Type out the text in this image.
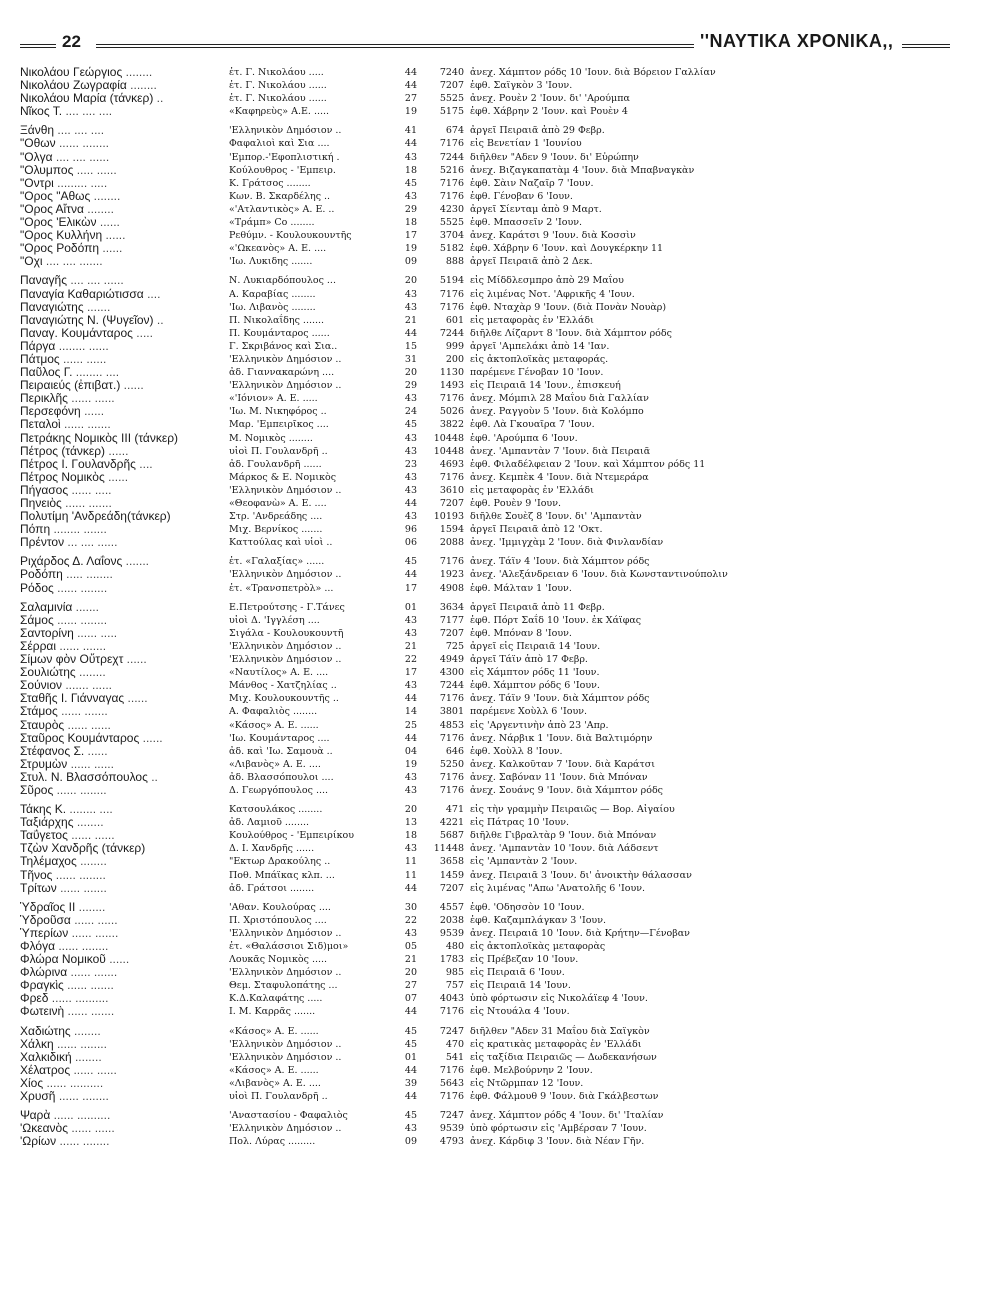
22	''ΝΑΥΤΙΚΑ ΧΡΟΝΙΚΑ,,
Νικολάου Γεώργιος ........	ἐτ. Γ. Νικολάου .....	44	7240 ἀνεχ. Χάμπτον ρόδς 10 'Ιουν. διὰ Βόρειον Γαλλίαν
Νικολάου Ζωγραφία ........	ἐτ. Γ. Νικολάου ......	44	7207 ἐφθ. Σαϊγκὸν 3 'Ιουν.
Νικολάου Μαρία (τάνκερ) ..	ἐτ. Γ. Νικολάου ......	27	5525 ἀνεχ. Ρουὲν 2 'Ιουν. δι' 'Αρούμπα
Νῖκος Τ. .... .... ....	«Καφηρεὺς» Α.Ε. .....	19	5175 ἐφθ. Χάβρην 2 'Ιουν. καὶ Ρουὲν 4
Ξάνθη .... .... ....	'Ελληνικὸν Δημόσιον ..	41	674 ἀργεῖ Πειραιᾶ ἀπὸ 29 Φεβρ.
"Οθων ...... ........	Φαφαλιοὶ καὶ Σια ....	44	7176 εἰς Βενετίαν 1 'Ιουνίου
"Ολγα .... .... ......	'Εμπορ.-'Εφοπλιστική .	43	7244 διῆλθεν "Αδεν 9 'Ιουν. δι' Εὐρώπην
"Ολυμπος ..... ......	Κούλουθρος - 'Εμπειρ.	18	5216 ἀνεχ. Βιζαγκαπατὰμ 4 'Ιουν. διὰ Μπαβναγκὰν
"Οντρι ......... .....	Κ. Γράτσος ........	45	7176 ἐφθ. Σὰιν Ναζαῖρ 7 'Ιουν.
"Ορος "Αθως ........	Κων. Β. Σκαρδέλης ..	43	7176 ἐφθ. Γένοβαν 6 'Ιουν.
"Ορος Αἴτνα ........	«'Ατλαντικὸς» Α. Ε. ..	29	4230 ἀργεῖ Σίενταμ ἀπὸ 9 Μαρτ.
"Ορος 'Ελικὼν ......	«Τράμπ» Co ........	18	5525 ἐφθ. Μπασσεῖν 2 'Ιουν.
"Ορος Κυλλήνη ......	Ρεθύμν. - Κουλουκουντῆς	17	3704 ἀνεχ. Καράτσι 9 'Ιουν. διὰ Κοσσὶν
"Ορος Ροδόπη ......	«'Ωκεανὸς» Α. Ε. ....	19	5182 ἐφθ. Χάβρην 6 'Ιουν. καὶ Δουγκέρκην 11
"Οχι .... .... .......	'Ιω. Λυκιδης .......	09	888 ἀργεῖ Πειραιᾶ ἀπὸ 2 Δεκ.
Παναγῆς .... .... ......	Ν. Λυκιαρδόπουλος ...	20	5194 εἰς Μίδδλεσμπρο ἀπὸ 29 Μαΐου
Παναγία Καθαριώτισσα ....	Α. Καραβίας ........	43	7176 εἰς λιμένας Νοτ. 'Αφρικῆς 4 'Ιουν.
Παναγιώτης .......	'Ιω. Λιβανὸς ........	43	7176 ἐφθ. Νταχὰρ 9 'Ιουν. (διὰ Πονὰν Νουὰρ)
Παναγιώτης Ν. (Ψυγεῖον) ..	Π. Νικολαΐδης .......	21	601 εἰς μεταφορὰς ἐν 'Ελλάδι
Παναγ. Κουμάνταρος .....	Π. Κουμάνταρος ......	44	7244 διῆλθε Λίζαρντ 8 'Ιουν. διὰ Χάμπτον ρόδς
Πάργα ........ ......	Γ. Σκριβάνος καὶ Σια..	15	999 ἀργεῖ 'Αμπελάκι ἀπὸ 14 'Ιαν.
Πάτμος ...... ......	'Ελληνικὸν Δημόσιον ..	31	200 εἰς ἀκτοπλοϊκὰς μεταφοράς.
Παῦλος Γ. ........ ....	ἀδ. Γιαννακαρώνη ....	20	1130 παρέμενε Γένοβαν 10 'Ιουν.
Πειραιεύς (ἐπιβατ.) ......	'Ελληνικὸν Δημόσιον ..	29	1493 εἰς Πειραιᾶ 14 'Ιουν., ἐπισκευή
Περικλῆς ...... ......	«'Ιόνιον» Α. Ε. .....	43	7176 ἀνεχ. Μόμπιλ 28 Μαΐου διὰ Γαλλίαν
Περσεφόνη ......	'Ιω. Μ. Νικηφόρος ..	24	5026 ἀνεχ. Ραγγοὺν 5 'Ιουν. διὰ Κολόμπο
Πεταλοὶ ...... .......	Μαρ. 'Εμπειρῖκος ....	45	3822 ἐφθ. Λὰ Γκουαῖρα 7 'Ιουν.
Πετράκης Νομικὸς ΙΙΙ (τάνκερ)	Μ. Νομικὸς ........	43	10448 ἐφθ. 'Αρούμπα 6 'Ιουν.
Πέτρος (τάνκερ) ......	υἱοὶ Π. Γουλανδρῆ ..	43	10448 ἀνεχ. 'Αμπαντὰν 7 'Ιουν. διὰ Πειραιᾶ
Πέτρος Ι. Γουλανδρῆς ....	ἀδ. Γουλανδρῆ ......	23	4693 ἐφθ. Φιλαδέλφειαν 2 'Ιουν. καὶ Χάμπτον ρόδς 11
Πέτρος Νομικὸς ......	Μάρκος & Ε. Νομικὸς	43	7176 ἀνεχ. Κεμπὲκ 4 'Ιουν. διὰ Ντεμεράρα
Πήγασος ...... .....	'Ελληνικὸν Δημόσιον ..	43	3610 εἰς μεταφορὰς ἐν 'Ελλάδι
Πηνειὸς ...... .......	«Θεοφανὼ» Α. Ε. ....	44	7207 ἐφθ. Ρουὲν 9 'Ιουν.
Πολυτίμη 'Ανδρεάδη(τάνκερ)	Στρ. 'Ανδρεάδης ....	43	10193 διῆλθε Σουὲζ 8 'Ιουν. δι' 'Αμπαντὰν
Πόπη ........ .......	Μιχ. Βερνίκος .......	96	1594 ἀργεῖ Πειραιᾶ ἀπὸ 12 'Οκτ.
Πρέντον ... .... ......	Καττούλας καὶ υἱοὶ ..	06	2088 ἀνεχ. 'Ιμμιγχὰμ 2 'Ιουν. διὰ Φινλανδίαν
Ριχάρδος Δ. Λαΐονς .......	ἐτ. «Γαλαξίας» ......	45	7176 ἀνεχ. Τάϊν 4 'Ιουν. διὰ Χάμπτον ρόδς
Ροδόπη ..... ........	'Ελληνικὸν Δημόσιον ..	44	1923 ἀνεχ. 'Αλεξάνδρειαν 6 'Ιουν. διὰ Κωνσταντινούπολιν
Ρόδος ...... ........	ἐτ. «Τρανσπετρὸλ» ...	17	4908 ἐφθ. Μάλταν 1 'Ιουν.
Σαλαμινία .......	Ε.Πετρούτσης - Γ.Τάνες	01	3634 ἀργεῖ Πειραιᾶ ἀπὸ 11 Φεβρ.
Σάμος ...... ........	υἱοὶ Δ. 'Ιγγλέση ....	43	7177 ἐφθ. Πόρτ Σαΐδ 10 'Ιουν. ἐκ Χάϊφας
Σαντορίνη ...... .....	Σιγάλα - Κουλουκουντῆ	43	7207 ἐφθ. Μπόναν 8 'Ιουν.
Σέρραι ...... .......	'Ελληνικὸν Δημόσιον ..	21	725 ἀργεῖ εἰς Πειραιᾶ 14 'Ιουν.
Σίμων φὸν Οὔτρεχτ ......	'Ελληνικὸν Δημόσιον ..	22	4949 ἀργεῖ Τάϊν ἀπὸ 17 Φεβρ.
Σουλιώτης ........	«Ναυτίλος» Α. Ε. ....	17	4300 εἰς Χάμπτον ρόδς 11 'Ιουν.
Σούνιον ....... ......	Μάνθος - Χατζηλίας ..	43	7244 ἐφθ. Χάμπτον ρόδς 6 'Ιουν.
Σταθῆς Ι. Γιάνναγας ......	Μιχ. Κουλουκουντῆς ..	44	7176 ἀνεχ. Τάϊν 9 'Ιουν. διὰ Χάμπτον ρόδς
Στάμος ...... .......	Α. Φαφαλιὸς ........	14	3801 παρέμενε Χοὺλλ 6 'Ιουν.
Σταυρὸς ...... ......	«Κάσος» Α. Ε. ......	25	4853 εἰς 'Αργεντινὴν ἀπὸ 23 'Απρ.
Σταῦρος Κουμάνταρος ......	'Ιω. Κουμάνταρος ....	44	7176 ἀνεχ. Νάρβικ 1 'Ιουν. διὰ Βαλτιμόρην
Στέφανος Σ. ......	ἀδ. καὶ 'Ιω. Σαμουὰ ..	04	646 ἐφθ. Χοὺλλ 8 'Ιουν.
Στρυμὼν ...... ......	«Λιβανὸς» Α. Ε. ....	19	5250 ἀνεχ. Καλκοῦταν 7 'Ιουν. διὰ Καράτσι
Στυλ. Ν. Βλασσόπουλος ..	ἀδ. Βλασσόπουλοι ....	43	7176 ἀνεχ. Σαβόναν 11 'Ιουν. διὰ Μπόναν
Σῦρος ...... ........	Δ. Γεωργόπουλος ....	43	7176 ἀνεχ. Σουάνς 9 'Ιουν. διὰ Χάμπτον ρόδς
Τάκης Κ. ........ ....	Κατσουλάκος ........	20	471 εἰς τὴν γραμμὴν Πειραιῶς — Βορ. Αἰγαίου
Ταξιάρχης ........	ἀδ. Λαμιοῦ ........	13	4221 εἰς Πάτρας 10 'Ιουν.
Ταΰγετος ...... ......	Κουλούθρος - 'Εμπειρίκου	18	5687 διῆλθε Γιβραλτὰρ 9 'Ιουν. διὰ Μπόναν
Τζὼν Χανδρῆς (τάνκερ)	Δ. Ι. Χανδρῆς ......	43	11448 ἀνεχ. 'Αμπαντὰν 10 'Ιουν. διὰ Λάδσεντ
Τηλέμαχος ........	"Εκτωρ Δρακούλης ..	11	3658 εἰς 'Αμπαντὰν 2 'Ιουν.
Τῆνος ...... ........	Ποθ. Μπάϊκας κλπ. ...	11	1459 ἀνεχ. Πειραιᾶ 3 'Ιουν. δι' ἀνοικτὴν θάλασσαν
Τρίτων ...... .......	ἀδ. Γράτσοι ........	44	7207 εἰς λιμένας "Απω 'Ανατολῆς 6 'Ιουν.
Ὑδραῖος ΙΙ ........	'Αθαν. Κουλούρας ....	30	4557 ἐφθ. 'Οδησσὸν 10 'Ιουν.
Ὑδροῦσα ...... ......	Π. Χριστόπουλος ....	22	2038 ἐφθ. Καζαμπλάγκαν 3 'Ιουν.
Ὑπερίων ...... .......	'Ελληνικὸν Δημόσιον ..	43	9539 ἀνεχ. Πειραιᾶ 10 'Ιουν. διὰ Κρήτην—Γένοβαν
Φλόγα ...... ........	ἐτ. «Θαλάσσιοι Σιδ)μοι»	05	480 εἰς ἀκτοπλοϊκὰς μεταφορὰς
Φλώρα Νομικοῦ ......	Λουκᾶς Νομικὸς .....	21	1783 εἰς Πρέβεζαν 10 'Ιουν.
Φλώρινα ...... .......	'Ελληνικὸν Δημόσιον ..	20	985 εἰς Πειραιᾶ 6 'Ιουν.
Φραγκὶς ...... .......	Θεμ. Σταφυλοπάτης ...	27	757 εἰς Πειραιᾶ 14 'Ιουν.
Φρεδ ...... ..........	Κ.Δ.Καλαφάτης .....	07	4043 ὑπὸ φόρτωσιν εἰς Νικολάϊεφ 4 'Ιουν.
Φωτεινὴ ...... .......	Ι. Μ. Καρρᾶς .......	44	7176 εἰς Ντουάλα 4 'Ιουν.
Χαδιώτης ........	«Κάσος» Α. Ε. ......	45	7247 διῆλθεν "Αδεν 31 Μαΐου διὰ Σαϊγκὸν
Χάλκη ...... ........	'Ελληνικὸν Δημόσιον ..	45	470 εἰς κρατικὰς μεταφορὰς ἐν 'Ελλάδι
Χαλκιδική ........	'Ελληνικὸν Δημόσιον ..	01	541 εἰς ταξίδια Πειραιῶς — Δωδεκανήσων
Χέλατρος ...... ......	«Κάσος» Α. Ε. ......	44	7176 ἐφθ. Μελβούρνην 2 'Ιουν.
Χίος ...... ..........	«Λιβανὸς» Α. Ε. ....	39	5643 εἰς Ντῶρμπαν 12 'Ιουν.
Χρυσῆ ...... ........	υἱοὶ Π. Γουλανδρῆ ..	44	7176 ἐφθ. Φάλμουθ 9 'Ιουν. διὰ Γκάλβεστων
Ψαρὰ ...... ..........	'Αναστασίου - Φαφαλιὸς	45	7247 ἀνεχ. Χάμπτον ρόδς 4 'Ιουν. δι' 'Ιταλίαν
'Ωκεανὸς ...... ......	'Ελληνικὸν Δημόσιον ..	43	9539 ὑπὸ φόρτωσιν εἰς 'Αμβέρσαν 7 'Ιουν.
'Ωρίων ...... ........	Πολ. Λύρας .........	09	4793 ἀνεχ. Κάρδιφ 3 'Ιουν. διὰ Νέαν Γῆν.
